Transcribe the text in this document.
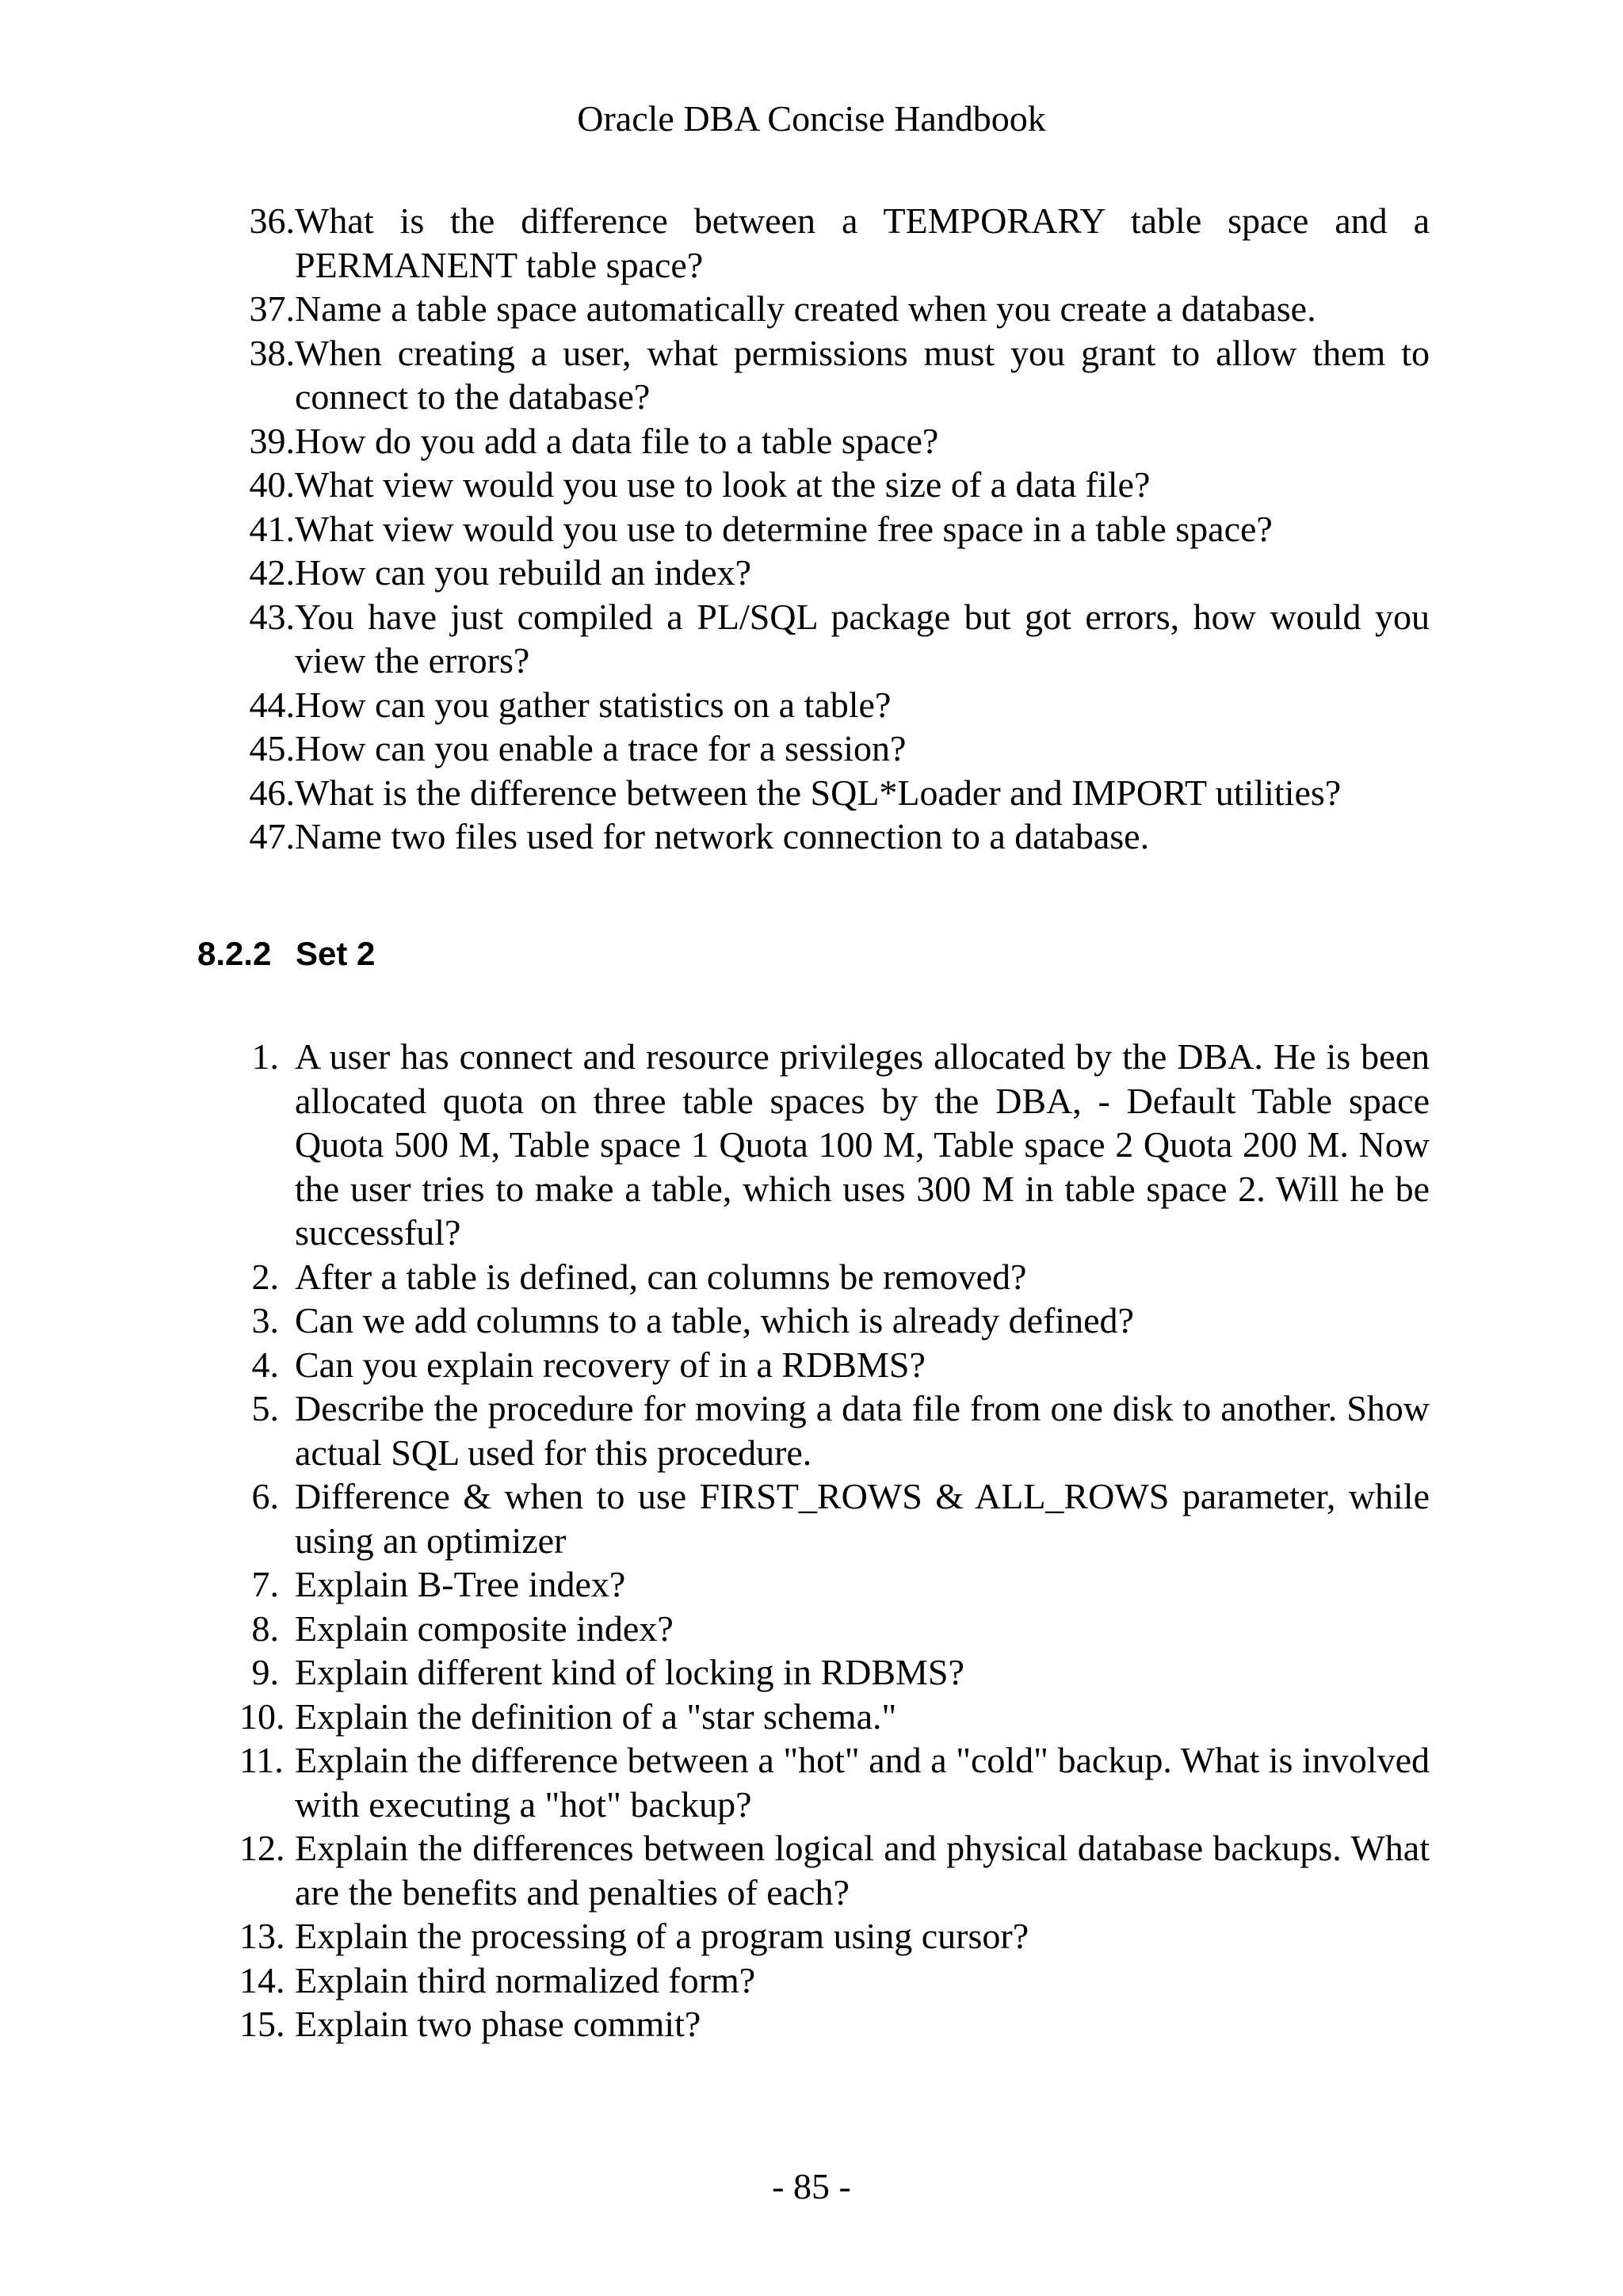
Oracle DBA Concise Handbook
36. What is the difference between a TEMPORARY table space and a PERMANENT table space?
37. Name a table space automatically created when you create a database.
38. When creating a user, what permissions must you grant to allow them to connect to the database?
39. How do you add a data file to a table space?
40. What view would you use to look at the size of a data file?
41. What view would you use to determine free space in a table space?
42. How can you rebuild an index?
43. You have just compiled a PL/SQL package but got errors, how would you view the errors?
44. How can you gather statistics on a table?
45. How can you enable a trace for a session?
46. What is the difference between the SQL*Loader and IMPORT utilities?
47. Name two files used for network connection to a database.
8.2.2 Set 2
1. A user has connect and resource privileges allocated by the DBA. He is been allocated quota on three table spaces by the DBA, - Default Table space Quota 500 M, Table space 1 Quota 100 M, Table space 2 Quota 200 M. Now the user tries to make a table, which uses 300 M in table space 2. Will he be successful?
2. After a table is defined, can columns be removed?
3. Can we add columns to a table, which is already defined?
4. Can you explain recovery of in a RDBMS?
5. Describe the procedure for moving a data file from one disk to another. Show actual SQL used for this procedure.
6. Difference & when to use FIRST_ROWS & ALL_ROWS parameter, while using an optimizer
7. Explain B-Tree index?
8. Explain composite index?
9. Explain different kind of locking in RDBMS?
10. Explain the definition of a "star schema."
11. Explain the difference between a "hot" and a "cold" backup. What is involved with executing a "hot" backup?
12. Explain the differences between logical and physical database backups. What are the benefits and penalties of each?
13. Explain the processing of a program using cursor?
14. Explain third normalized form?
15. Explain two phase commit?
- 85 -
